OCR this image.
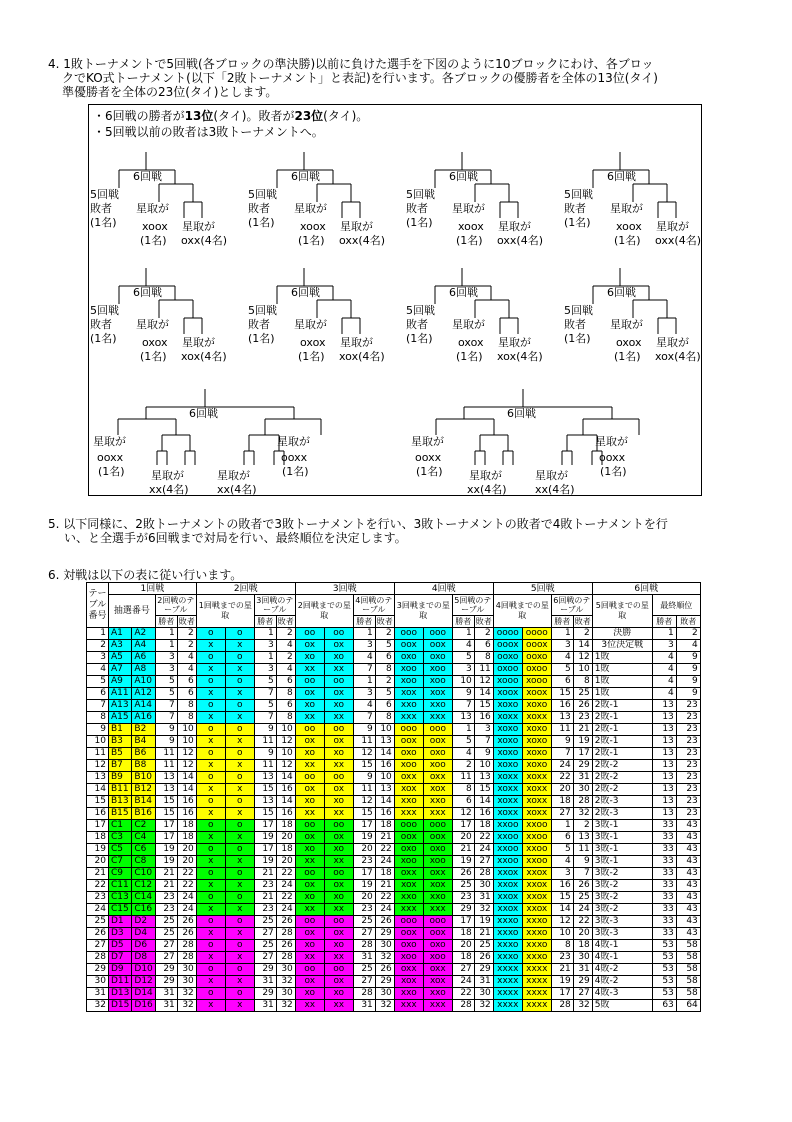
4. 1敗トーナメントで5回戦(各ブロックの準決勝)以前に負けた選手を下図のように10ブロックにわけ、各ブロッ
クでKO式トーナメント(以下「2敗トーナメント」と表記)を行います。各ブロックの優勝者を全体の13位(タイ)
準優勝者を全体の23位(タイ)とします。
・6回戦の勝者が13位(タイ)。敗者が23位(タイ)。
・5回戦以前の敗者は3敗トーナメントへ。
6回戦
5回戦
敗者
(1名)
星取が
xoox
(1名)
星取が
oxx(4名)
6回戦
5回戦
敗者
(1名)
星取が
xoox
(1名)
星取が
oxx(4名)
6回戦
5回戦
敗者
(1名)
星取が
xoox
(1名)
星取が
oxx(4名)
6回戦
5回戦
敗者
(1名)
星取が
xoox
(1名)
星取が
oxx(4名)
6回戦
5回戦
敗者
(1名)
星取が
oxox
(1名)
星取が
xox(4名)
6回戦
5回戦
敗者
(1名)
星取が
oxox
(1名)
星取が
xox(4名)
6回戦
5回戦
敗者
(1名)
星取が
oxox
(1名)
星取が
xox(4名)
6回戦
5回戦
敗者
(1名)
星取が
oxox
(1名)
星取が
xox(4名)
6回戦
星取が
ooxx
(1名)
星取が
ooxx
(1名)
星取が
xx(4名)
星取が
xx(4名)
6回戦
星取が
ooxx
(1名)
星取が
ooxx
(1名)
星取が
xx(4名)
星取が
xx(4名)
5. 以下同様に、2敗トーナメントの敗者で3敗トーナメントを行い、3敗トーナメントの敗者で4敗トーナメントを行
い、と全選手が6回戦まで対局を行い、最終順位を決定します。
6. 対戦は以下の表に従い行います。
テーブル番号	1回戦				2回戦				3回戦				4回戦				5回戦				6回戦		
	抽選番号		2回戦のテーブル		1回戦までの星取		3回戦のテーブル		2回戦までの星取		4回戦のテーブル		3回戦までの星取		5回戦のテーブル		4回戦までの星取		6回戦のテーブル		5回戦までの星取	最終順位	
			勝者	敗者			勝者	敗者			勝者	敗者			勝者	敗者			勝者	敗者		勝者	敗者
1	A1	A2	1	2	o	o	1	2	oo	oo	1	2	ooo	ooo	1	2	oooo	oooo	1	2	決勝	1	2
2	A3	A4	1	2	x	x	3	4	ox	ox	3	5	oox	oox	4	6	ooox	ooox	3	14	3位決定戦	3	4
3	A5	A6	3	4	o	o	1	2	xo	xo	4	6	oxo	oxo	5	8	ooxo	ooxo	4	12	1敗	4	9
4	A7	A8	3	4	x	x	3	4	xx	xx	7	8	xoo	xoo	3	11	oxoo	oxoo	5	10	1敗	4	9
5	A9	A10	5	6	o	o	5	6	oo	oo	1	2	xoo	xoo	10	12	xooo	xooo	6	8	1敗	4	9
6	A11	A12	5	6	x	x	7	8	ox	ox	3	5	xox	xox	9	14	xoox	xoox	15	25	1敗	4	9
7	A13	A14	7	8	o	o	5	6	xo	xo	4	6	xxo	xxo	7	15	xoxo	xoxo	16	26	2敗-1	13	23
8	A15	A16	7	8	x	x	7	8	xx	xx	7	8	xxx	xxx	13	16	xoxx	xoxx	13	23	2敗-1	13	23
9	B1	B2	9	10	o	o	9	10	oo	oo	9	10	ooo	ooo	1	3	xoxo	xoxo	11	21	2敗-1	13	23
10	B3	B4	9	10	x	x	11	12	ox	ox	11	13	oox	oox	5	7	xoxo	xoxo	9	19	2敗-1	13	23
11	B5	B6	11	12	o	o	9	10	xo	xo	12	14	oxo	oxo	4	9	xoxo	xoxo	7	17	2敗-1	13	23
12	B7	B8	11	12	x	x	11	12	xx	xx	15	16	xoo	xoo	2	10	xoxo	xoxo	24	29	2敗-2	13	23
13	B9	B10	13	14	o	o	13	14	oo	oo	9	10	oxx	oxx	11	13	xoxx	xoxx	22	31	2敗-2	13	23
14	B11	B12	13	14	x	x	15	16	ox	ox	11	13	xox	xox	8	15	xoxx	xoxx	20	30	2敗-2	13	23
15	B13	B14	15	16	o	o	13	14	xo	xo	12	14	xxo	xxo	6	14	xoxx	xoxx	18	28	2敗-3	13	23
16	B15	B16	15	16	x	x	15	16	xx	xx	15	16	xxx	xxx	12	16	xoxx	xoxx	27	32	2敗-3	13	23
17	C1	C2	17	18	o	o	17	18	oo	oo	17	18	ooo	ooo	17	18	xxoo	xxoo	1	2	3敗-1	33	43
18	C3	C4	17	18	x	x	19	20	ox	ox	19	21	oox	oox	20	22	xxoo	xxoo	6	13	3敗-1	33	43
19	C5	C6	19	20	o	o	17	18	xo	xo	20	22	oxo	oxo	21	24	xxoo	xxoo	5	11	3敗-1	33	43
20	C7	C8	19	20	x	x	19	20	xx	xx	23	24	xoo	xoo	19	27	xxoo	xxoo	4	9	3敗-1	33	43
21	C9	C10	21	22	o	o	21	22	oo	oo	17	18	oxx	oxx	26	28	xxox	xxox	3	7	3敗-2	33	43
22	C11	C12	21	22	x	x	23	24	ox	ox	19	21	xox	xox	25	30	xxox	xxox	16	26	3敗-2	33	43
23	C13	C14	23	24	o	o	21	22	xo	xo	20	22	xxo	xxo	23	31	xxox	xxox	15	25	3敗-2	33	43
24	C15	C16	23	24	x	x	23	24	xx	xx	23	24	xxx	xxx	29	32	xxox	xxox	14	24	3敗-2	33	43
25	D1	D2	25	26	o	o	25	26	oo	oo	25	26	ooo	ooo	17	19	xxxo	xxxo	12	22	3敗-3	33	43
26	D3	D4	25	26	x	x	27	28	ox	ox	27	29	oox	oox	18	21	xxxo	xxxo	10	20	3敗-3	33	43
27	D5	D6	27	28	o	o	25	26	xo	xo	28	30	oxo	oxo	20	25	xxxo	xxxo	8	18	4敗-1	53	58
28	D7	D8	27	28	x	x	27	28	xx	xx	31	32	xoo	xoo	18	26	xxxo	xxxo	23	30	4敗-1	53	58
29	D9	D10	29	30	o	o	29	30	oo	oo	25	26	oxx	oxx	27	29	xxxx	xxxx	21	31	4敗-2	53	58
30	D11	D12	29	30	x	x	31	32	ox	ox	27	29	xox	xox	24	31	xxxx	xxxx	19	29	4敗-2	53	58
31	D13	D14	31	32	o	o	29	30	xo	xo	28	30	xxo	xxo	22	30	xxxx	xxxx	17	27	4敗-3	53	58
32	D15	D16	31	32	x	x	31	32	xx	xx	31	32	xxx	xxx	28	32	xxxx	xxxx	28	32	5敗	63	64
